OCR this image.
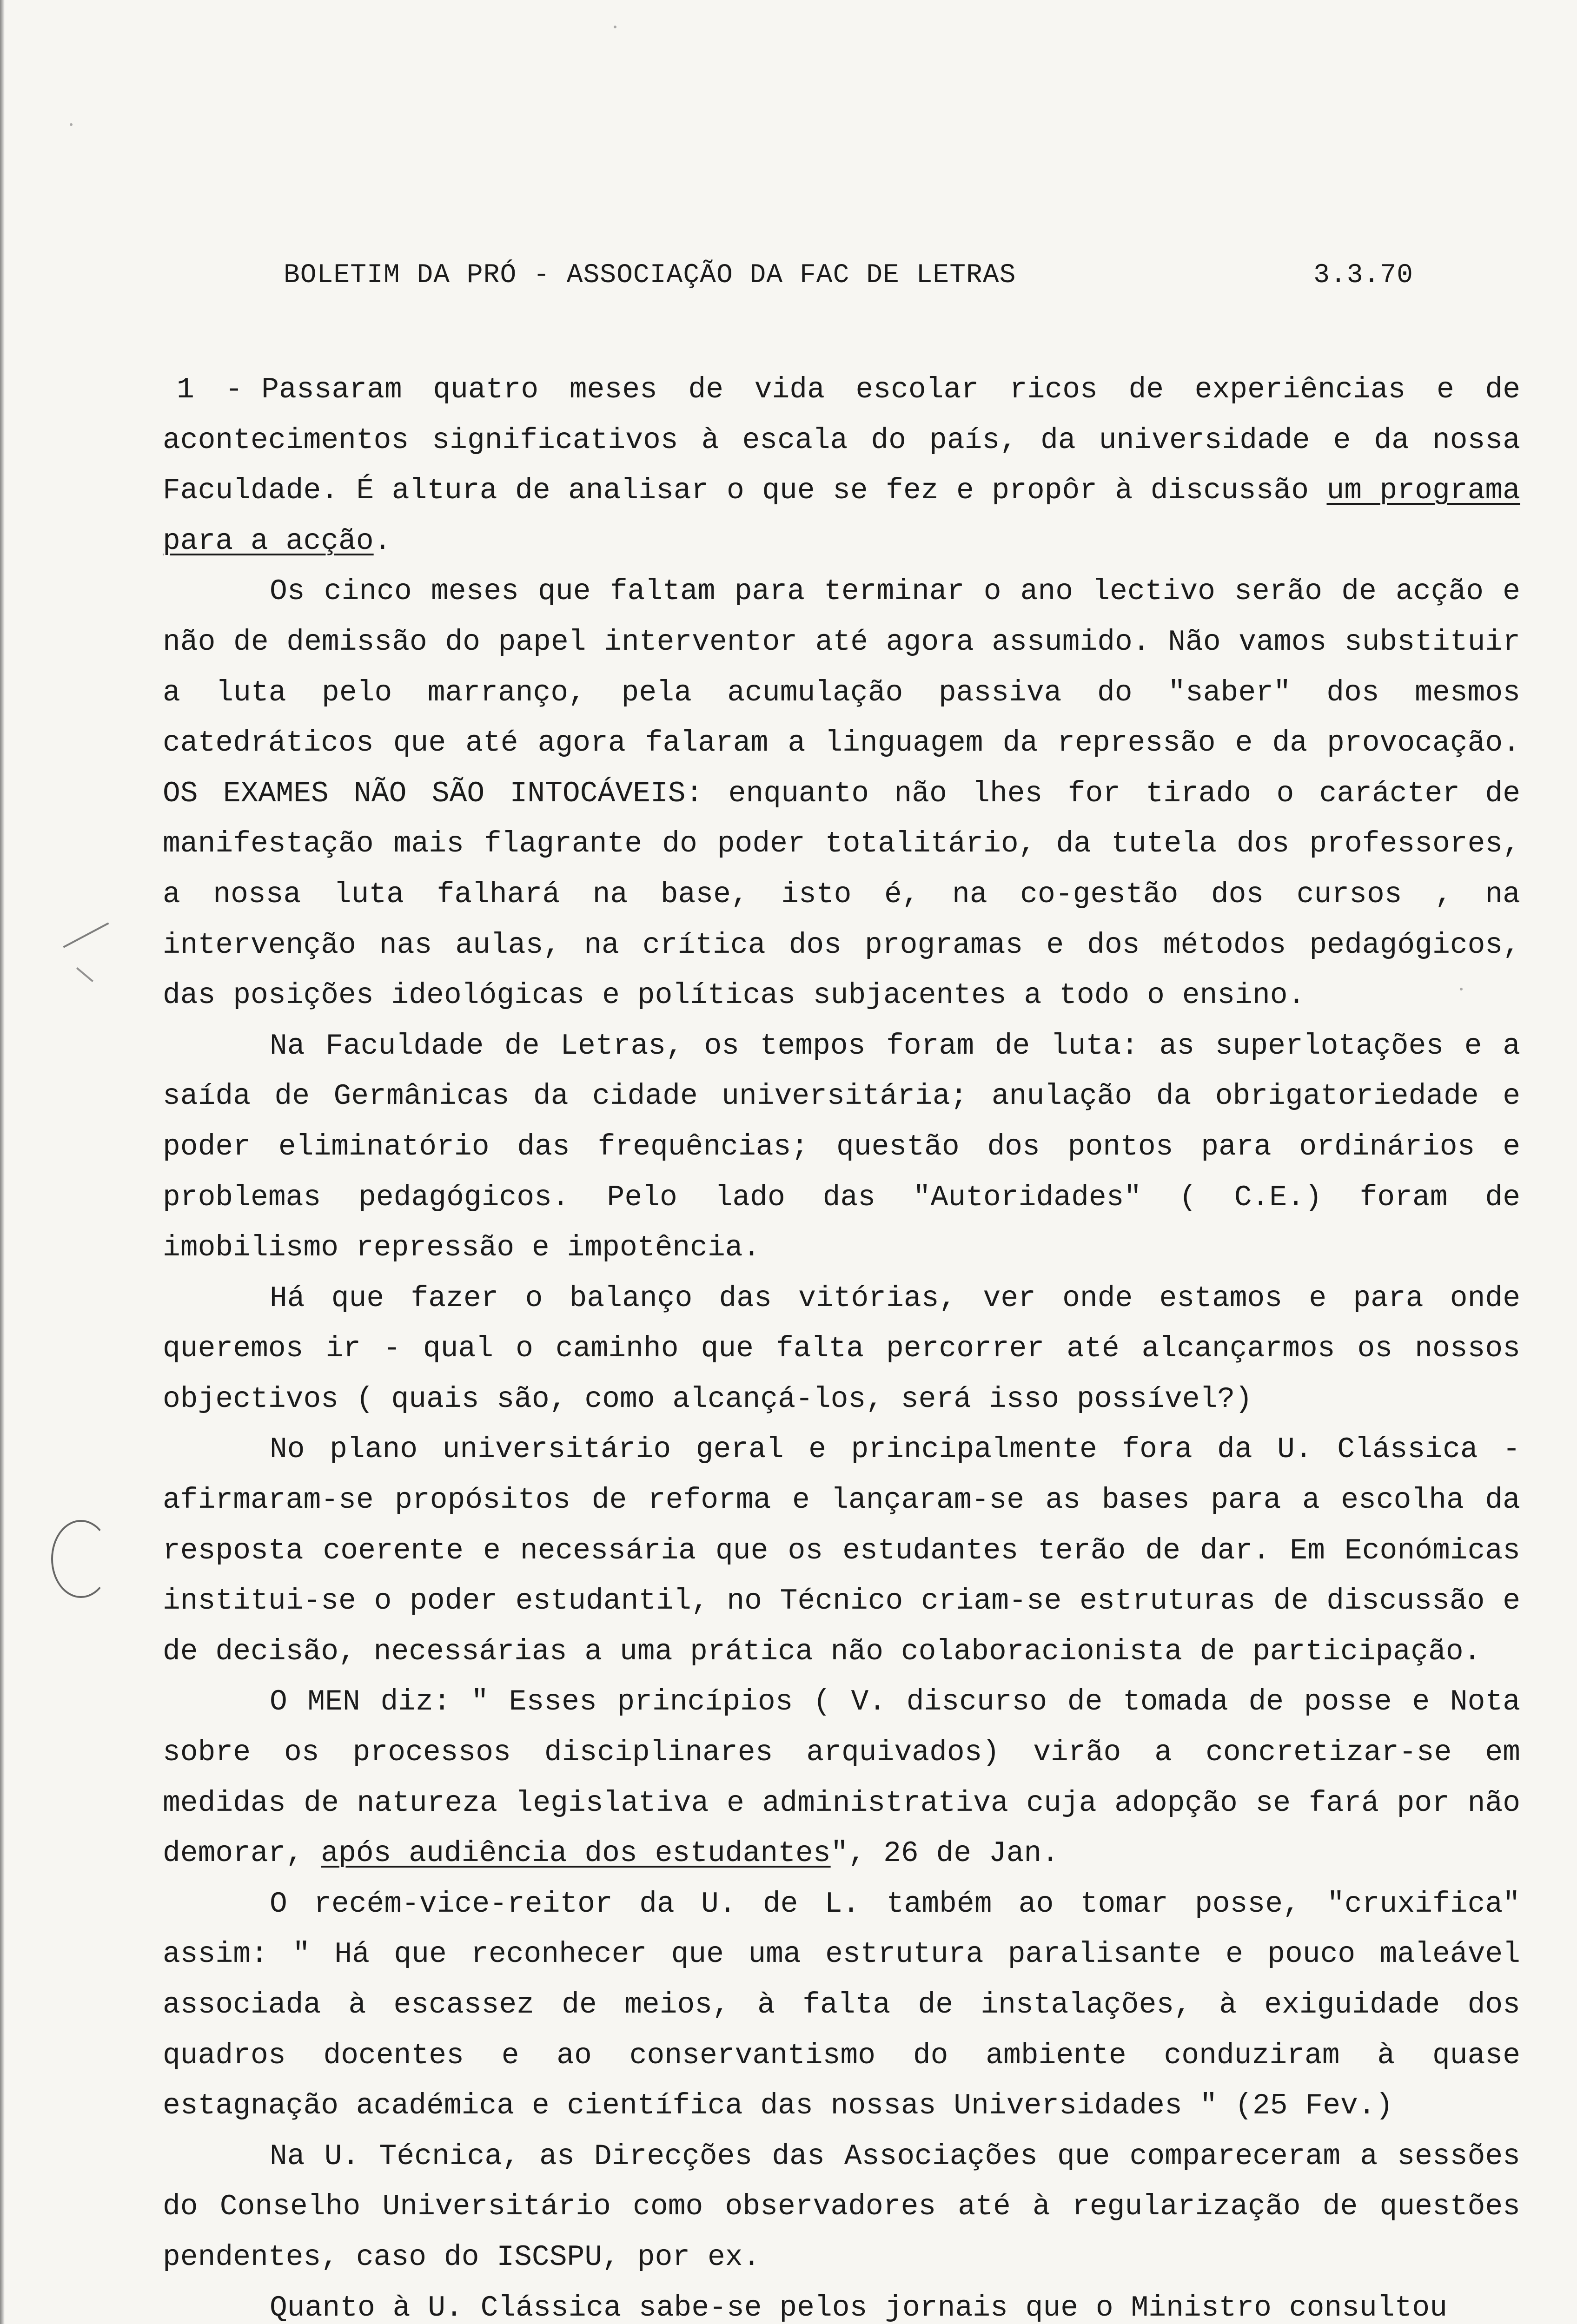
BOLETIM DA PRÓ - ASSOCIAÇÃO DA FAC DE LETRAS	3.3.70

1 - Passaram quatro meses de vida escolar ricos de experiências e de acontecimentos significativos à escala do país, da universidade e da nossa Faculdade. É altura de analisar o que se fez e propôr à discussão um programa para a acção.

Os cinco meses que faltam para terminar o ano lectivo serão de acção e não de demissão do papel interventor até agora assumido. Não vamos substituir a luta pelo marranço, pela acumulação passiva do "saber" dos mesmos catedráticos que até agora falaram a linguagem da repressão e da provocação. OS EXAMES NÃO SÃO INTOCÁVEIS: enquanto não lhes for tirado o carácter de manifestação mais flagrante do poder totalitário, da tutela dos professores, a nossa luta falhará na base, isto é, na co-gestão dos cursos , na intervenção nas aulas, na crítica dos programas e dos métodos pedagógicos, das posições ideológicas e políticas subjacentes a todo o ensino.

Na Faculdade de Letras, os tempos foram de luta: as superlotações e a saída de Germânicas da cidade universitária; anulação da obrigatoriedade e poder eliminatório das frequências; questão dos pontos para ordinários e problemas pedagógicos. Pelo lado das "Autoridades" ( C.E.) foram de imobilismo repressão e impotência.

Há que fazer o balanço das vitórias, ver onde estamos e para onde queremos ir - qual o caminho que falta percorrer até alcançarmos os nossos objectivos ( quais são, como alcançá-los, será isso possível?)

No plano universitário geral e principalmente fora da U. Clássica - afirmaram-se propósitos de reforma e lançaram-se as bases para a escolha da resposta coerente e necessária que os estudantes terão de dar. Em Económicas institui-se o poder estudantil, no Técnico criam-se estruturas de discussão e de decisão, necessárias a uma prática não colaboracionista de participação.

O MEN diz: " Esses princípios ( V. discurso de tomada de posse e Nota sobre os processos disciplinares arquivados) virão a concretizar-se em medidas de natureza legislativa e administrativa cuja adopção se fará por não demorar, após audiência dos estudantes", 26 de Jan.

O recém-vice-reitor da U. de L. também ao tomar posse, "cruxifica" assim: " Há que reconhecer que uma estrutura paralisante e pouco maleável associada à escassez de meios, à falta de instalações, à exiguidade dos quadros docentes e ao conservantismo do ambiente conduziram à quase estagnação académica e científica das nossas Universidades " (25 Fev.)

Na U. Técnica, as Direcções das Associações que compareceram a sessões do Conselho Universitário como observadores até à regularização de questões pendentes, caso do ISCSPU, por ex.

Quanto à U. Clássica sabe-se pelos jornais que o Ministro consultou
